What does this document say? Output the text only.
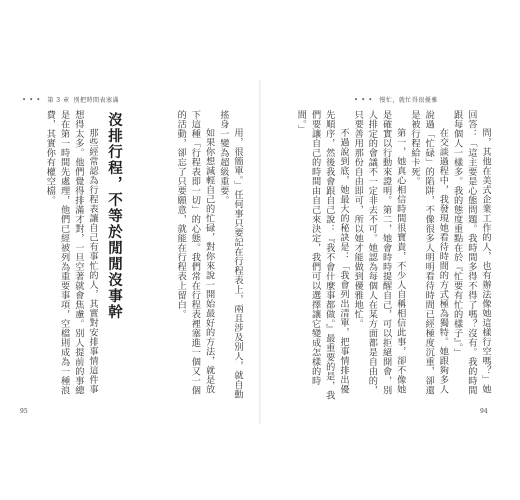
••• 第 3 章 別把時間表塞滿	••• 慢忙，就忙得很優雅

問，其他在美式企業工作的人，也有辦法像她這樣行空嗎？」她回答：「這主要是心態問題。我時間多得不得了嗎？沒有。我的時間跟每個人一樣多。我的態度重點在於『忙要有忙的樣子』。」

在交談過程中，我發現她看待時間的方式極為獨特。她跟夠多人說過「忙碌」的陷阱，不像很多人明明看待時間已經極度沉重，卻還是被行程給卡死。

第一，她真心相信時間很寶貴，不少人自稱相信此事，卻不像她是確實以行動來證明。第二，她會時時提醒自己，可以拒絕開會，別人排定的會議不一定非去不可。她認為每個人在某方面都是自由的，只要善用那份自由即可，所以她才能做到優雅地忙。

不過說到底，她最大的秘訣是：「我會列出清單，把事情排出優先順序，然後我會跟自己說：『我不會什麼事都做。』最重要的是，我們要讓自己的時間由自己來決定，我們可以選擇讓它變成怎樣的時間。」

用，很簡單。」任何事只要記在行程表上，兩且涉及別人，就自動搖身一變為超級重要。

如果你想減輕自己的忙碌，對你來說一開始最好的方法，就是放下這種「行程表即一切」的心態。我們常在行程表裡塞進一個又一個的活動，卻忘了只要願意，就能在行程表上留白。

沒排行程，不等於閒閒沒事幹

那些經常認為行程表讓自己有事忙的人，其實對安排事情這件事想得太多。他們覺得排滿才對，一旦空著就會焦慮。別人提前的事總是在第一時間先處理，他們已經被列為重要事項，空檔則成為一種浪費，其實你有權空檔。

95	94
